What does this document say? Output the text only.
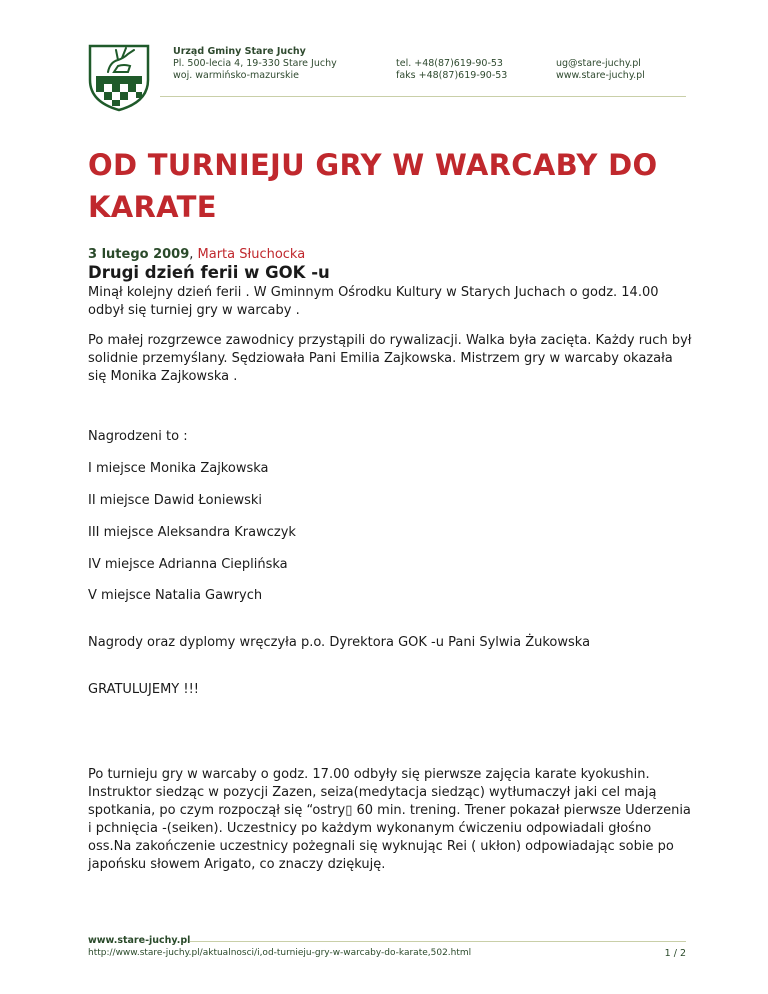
Urząd Gminy Stare Juchy
Pl. 500-lecia 4, 19-330 Stare Juchy
woj. warmińsko-mazurskie
tel. +48(87)619-90-53
faks +48(87)619-90-53
ug@stare-juchy.pl
www.stare-juchy.pl
OD TURNIEJU GRY W WARCABY DO
KARATE
3 lutego 2009, Marta Słuchocka
Drugi dzień ferii w GOK -u
Minął kolejny dzień ferii . W Gminnym Ośrodku Kultury w Starych Juchach o godz. 14.00
odbył się turniej gry w warcaby .
Po małej rozgrzewce zawodnicy przystąpili do rywalizacji. Walka była zacięta. Każdy ruch był
solidnie przemyślany. Sędziowała Pani Emilia Zajkowska. Mistrzem gry w warcaby okazała
się Monika Zajkowska .
Nagrodzeni to :
I miejsce Monika Zajkowska
II miejsce Dawid Łoniewski
III miejsce Aleksandra Krawczyk
IV miejsce Adrianna Cieplińska
V miejsce Natalia Gawrych
Nagrody oraz dyplomy wręczyła p.o. Dyrektora GOK -u Pani Sylwia Żukowska
GRATULUJEMY !!!
Po turnieju gry w warcaby o godz. 17.00 odbyły się pierwsze zajęcia karate kyokushin.
Instruktor siedząc w pozycji Zazen, seiza(medytacja siedząc) wytłumaczył jaki cel mają
spotkania, po czym rozpoczął się “ostry▯ 60 min. trening. Trener pokazał pierwsze Uderzenia
i pchnięcia -(seiken). Uczestnicy po każdym wykonanym ćwiczeniu odpowiadali głośno
oss.Na zakończenie uczestnicy pożegnali się wyknując Rei ( ukłon) odpowiadając sobie po
japońsku słowem Arigato, co znaczy dziękuję.
www.stare-juchy.pl
http://www.stare-juchy.pl/aktualnosci/i,od-turnieju-gry-w-warcaby-do-karate,502.html	1 / 2
